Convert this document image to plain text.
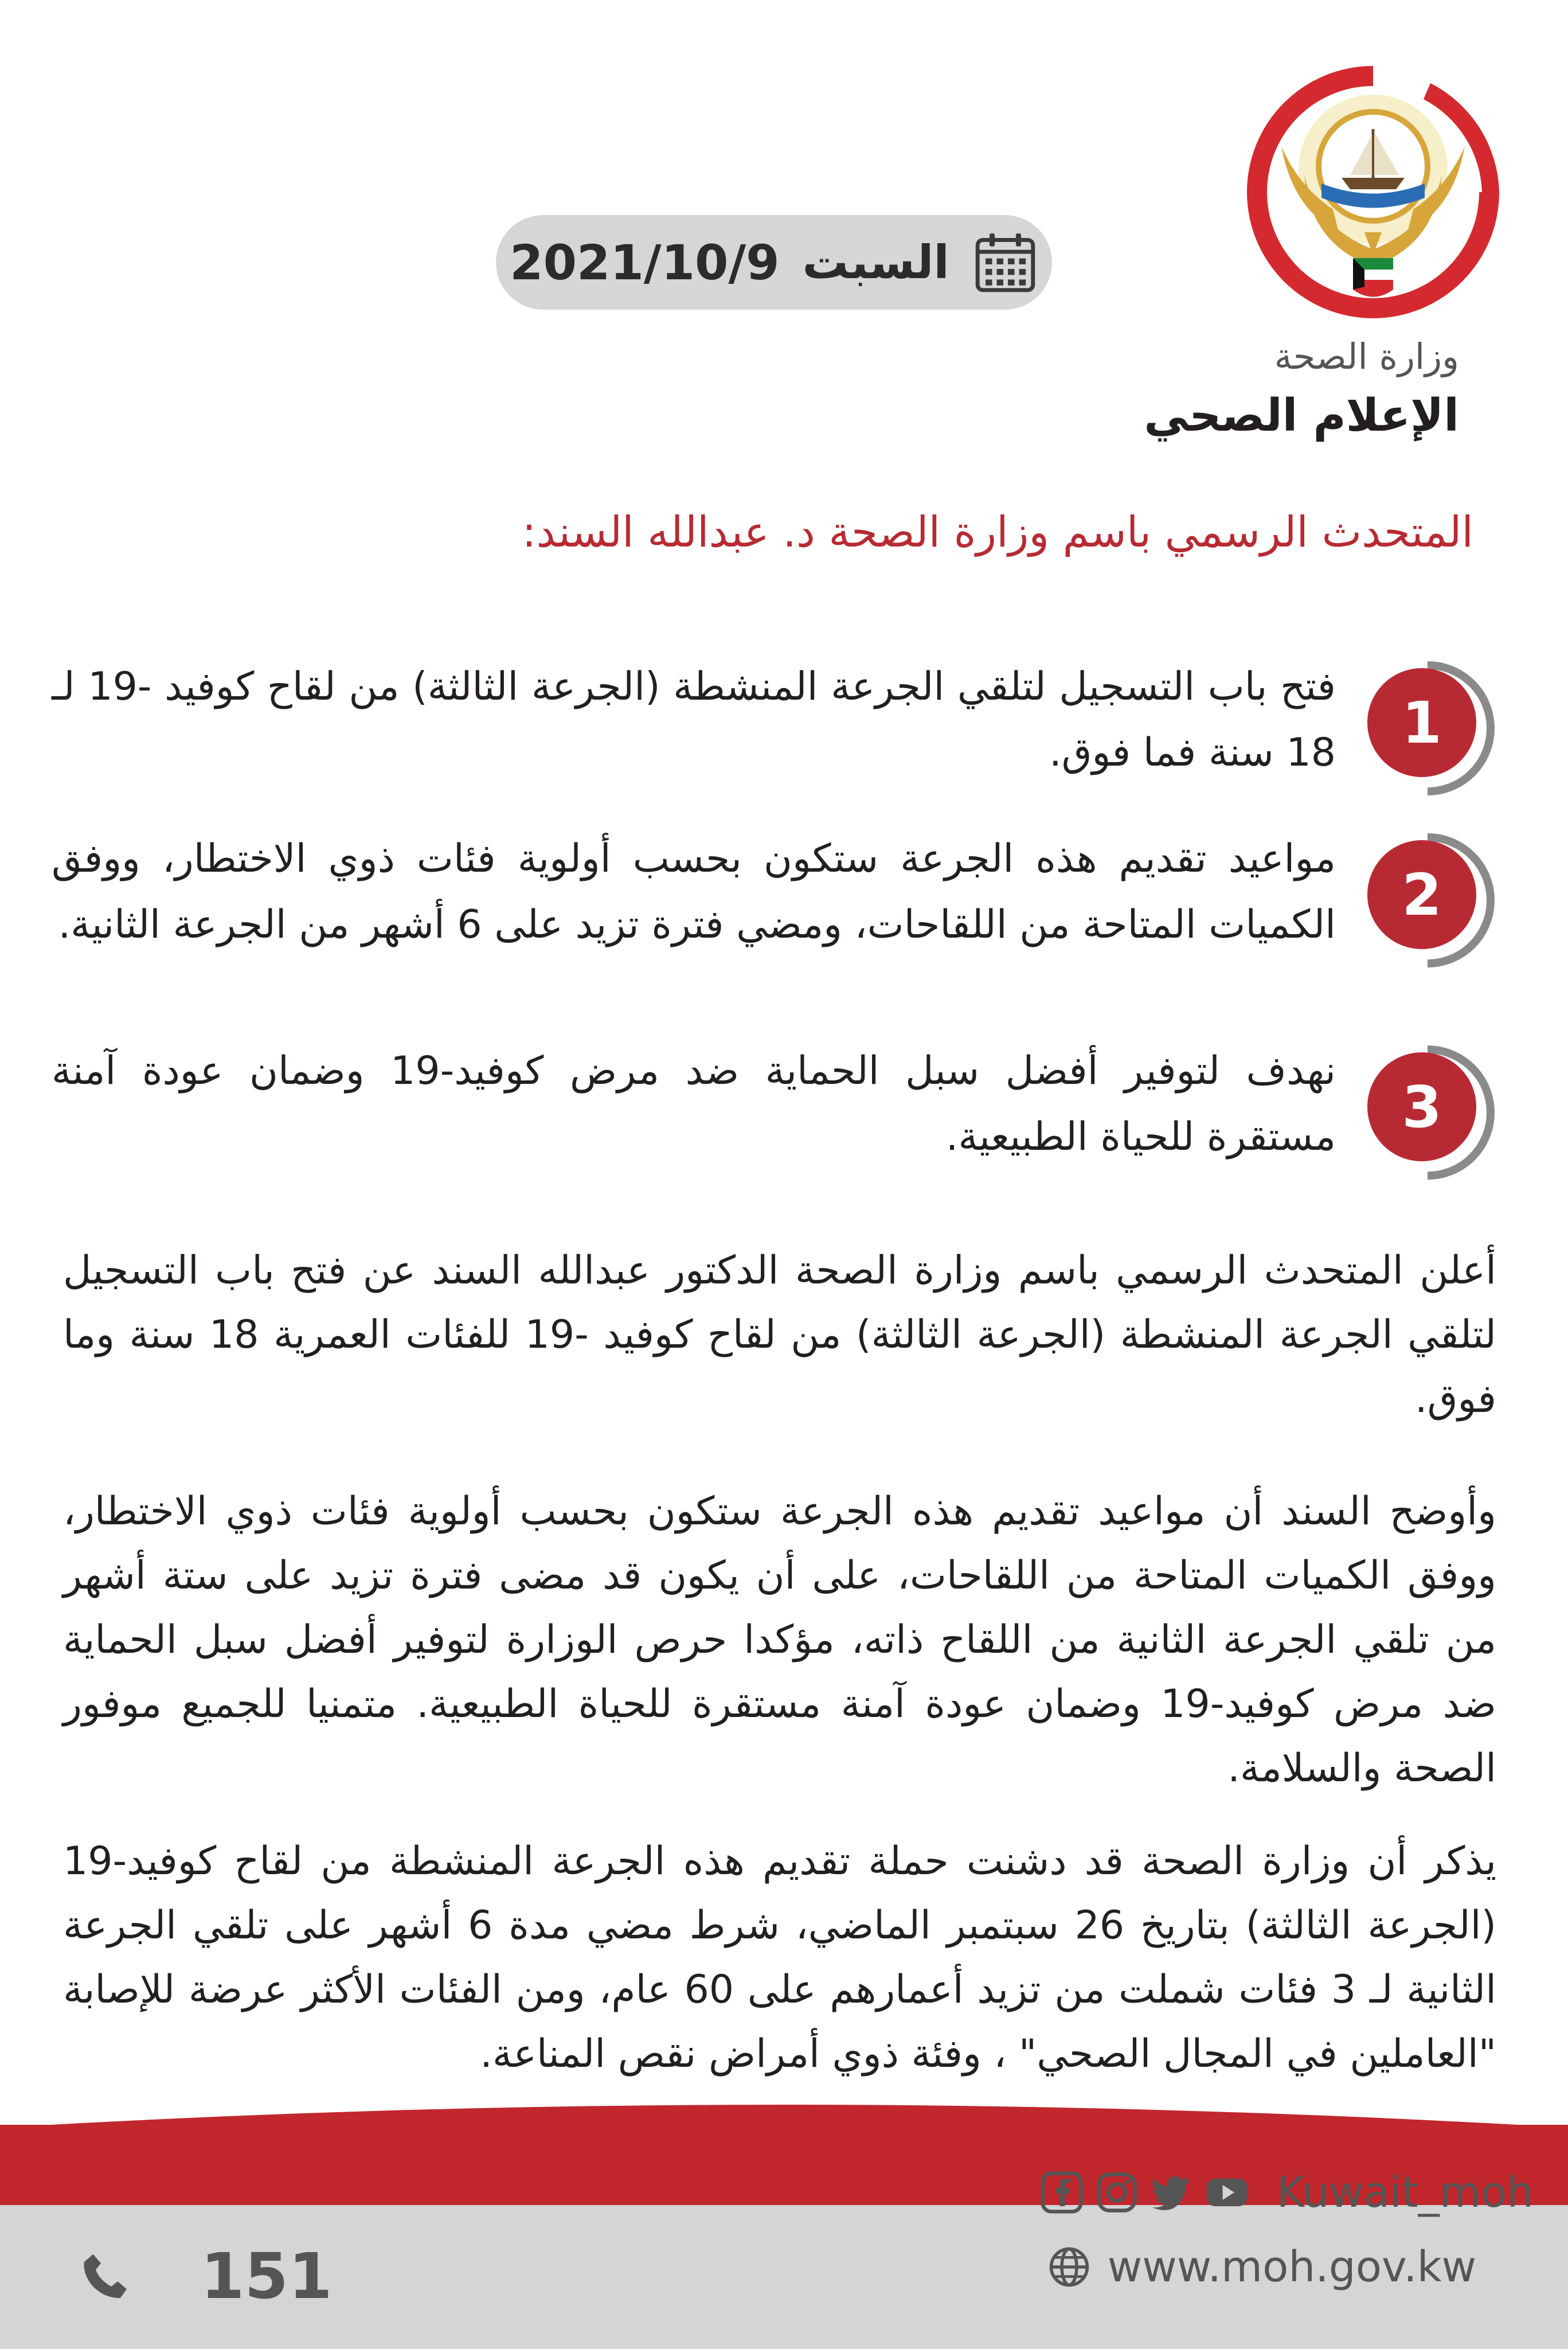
السبت
2021/10/9
وزارة الصحة
الإعلام الصحي
المتحدث الرسمي باسم وزارة الصحة د. عبدالله السند:
1
فتح باب التسجيل لتلقي الجرعة المنشطة (الجرعة الثالثة) من لقاح كوفيد -19 لـ 18 سنة فما فوق.
2
مواعيد تقديم هذه الجرعة ستكون بحسب أولوية فئات ذوي الاختطار، ووفق الكميات المتاحة من اللقاحات، ومضي فترة تزيد على 6 أشهر من الجرعة الثانية.
3
نهدف لتوفير أفضل سبل الحماية ضد مرض كوفيد-19 وضمان عودة آمنة مستقرة للحياة الطبيعية.
أعلن المتحدث الرسمي باسم وزارة الصحة الدكتور عبدالله السند عن فتح باب التسجيل لتلقي الجرعة المنشطة (الجرعة الثالثة) من لقاح كوفيد -19 للفئات العمرية 18 سنة وما فوق.
وأوضح السند أن مواعيد تقديم هذه الجرعة ستكون بحسب أولوية فئات ذوي الاختطار، ووفق الكميات المتاحة من اللقاحات، على أن يكون قد مضى فترة تزيد على ستة أشهر من تلقي الجرعة الثانية من اللقاح ذاته، مؤكدا حرص الوزارة لتوفير أفضل سبل الحماية ضد مرض كوفيد-19 وضمان عودة آمنة مستقرة للحياة الطبيعية. متمنيا للجميع موفور الصحة والسلامة.
يذكر أن وزارة الصحة قد دشنت حملة تقديم هذه الجرعة المنشطة من لقاح كوفيد-19 (الجرعة الثالثة) بتاريخ 26 سبتمبر الماضي، شرط مضي مدة 6 أشهر على تلقي الجرعة الثانية لـ 3 فئات شملت من تزيد أعمارهم على 60 عام، ومن الفئات الأكثر عرضة للإصابة "العاملين في المجال الصحي" ، وفئة ذوي أمراض نقص المناعة.
Kuwait_moh
www.moh.gov.kw
151
